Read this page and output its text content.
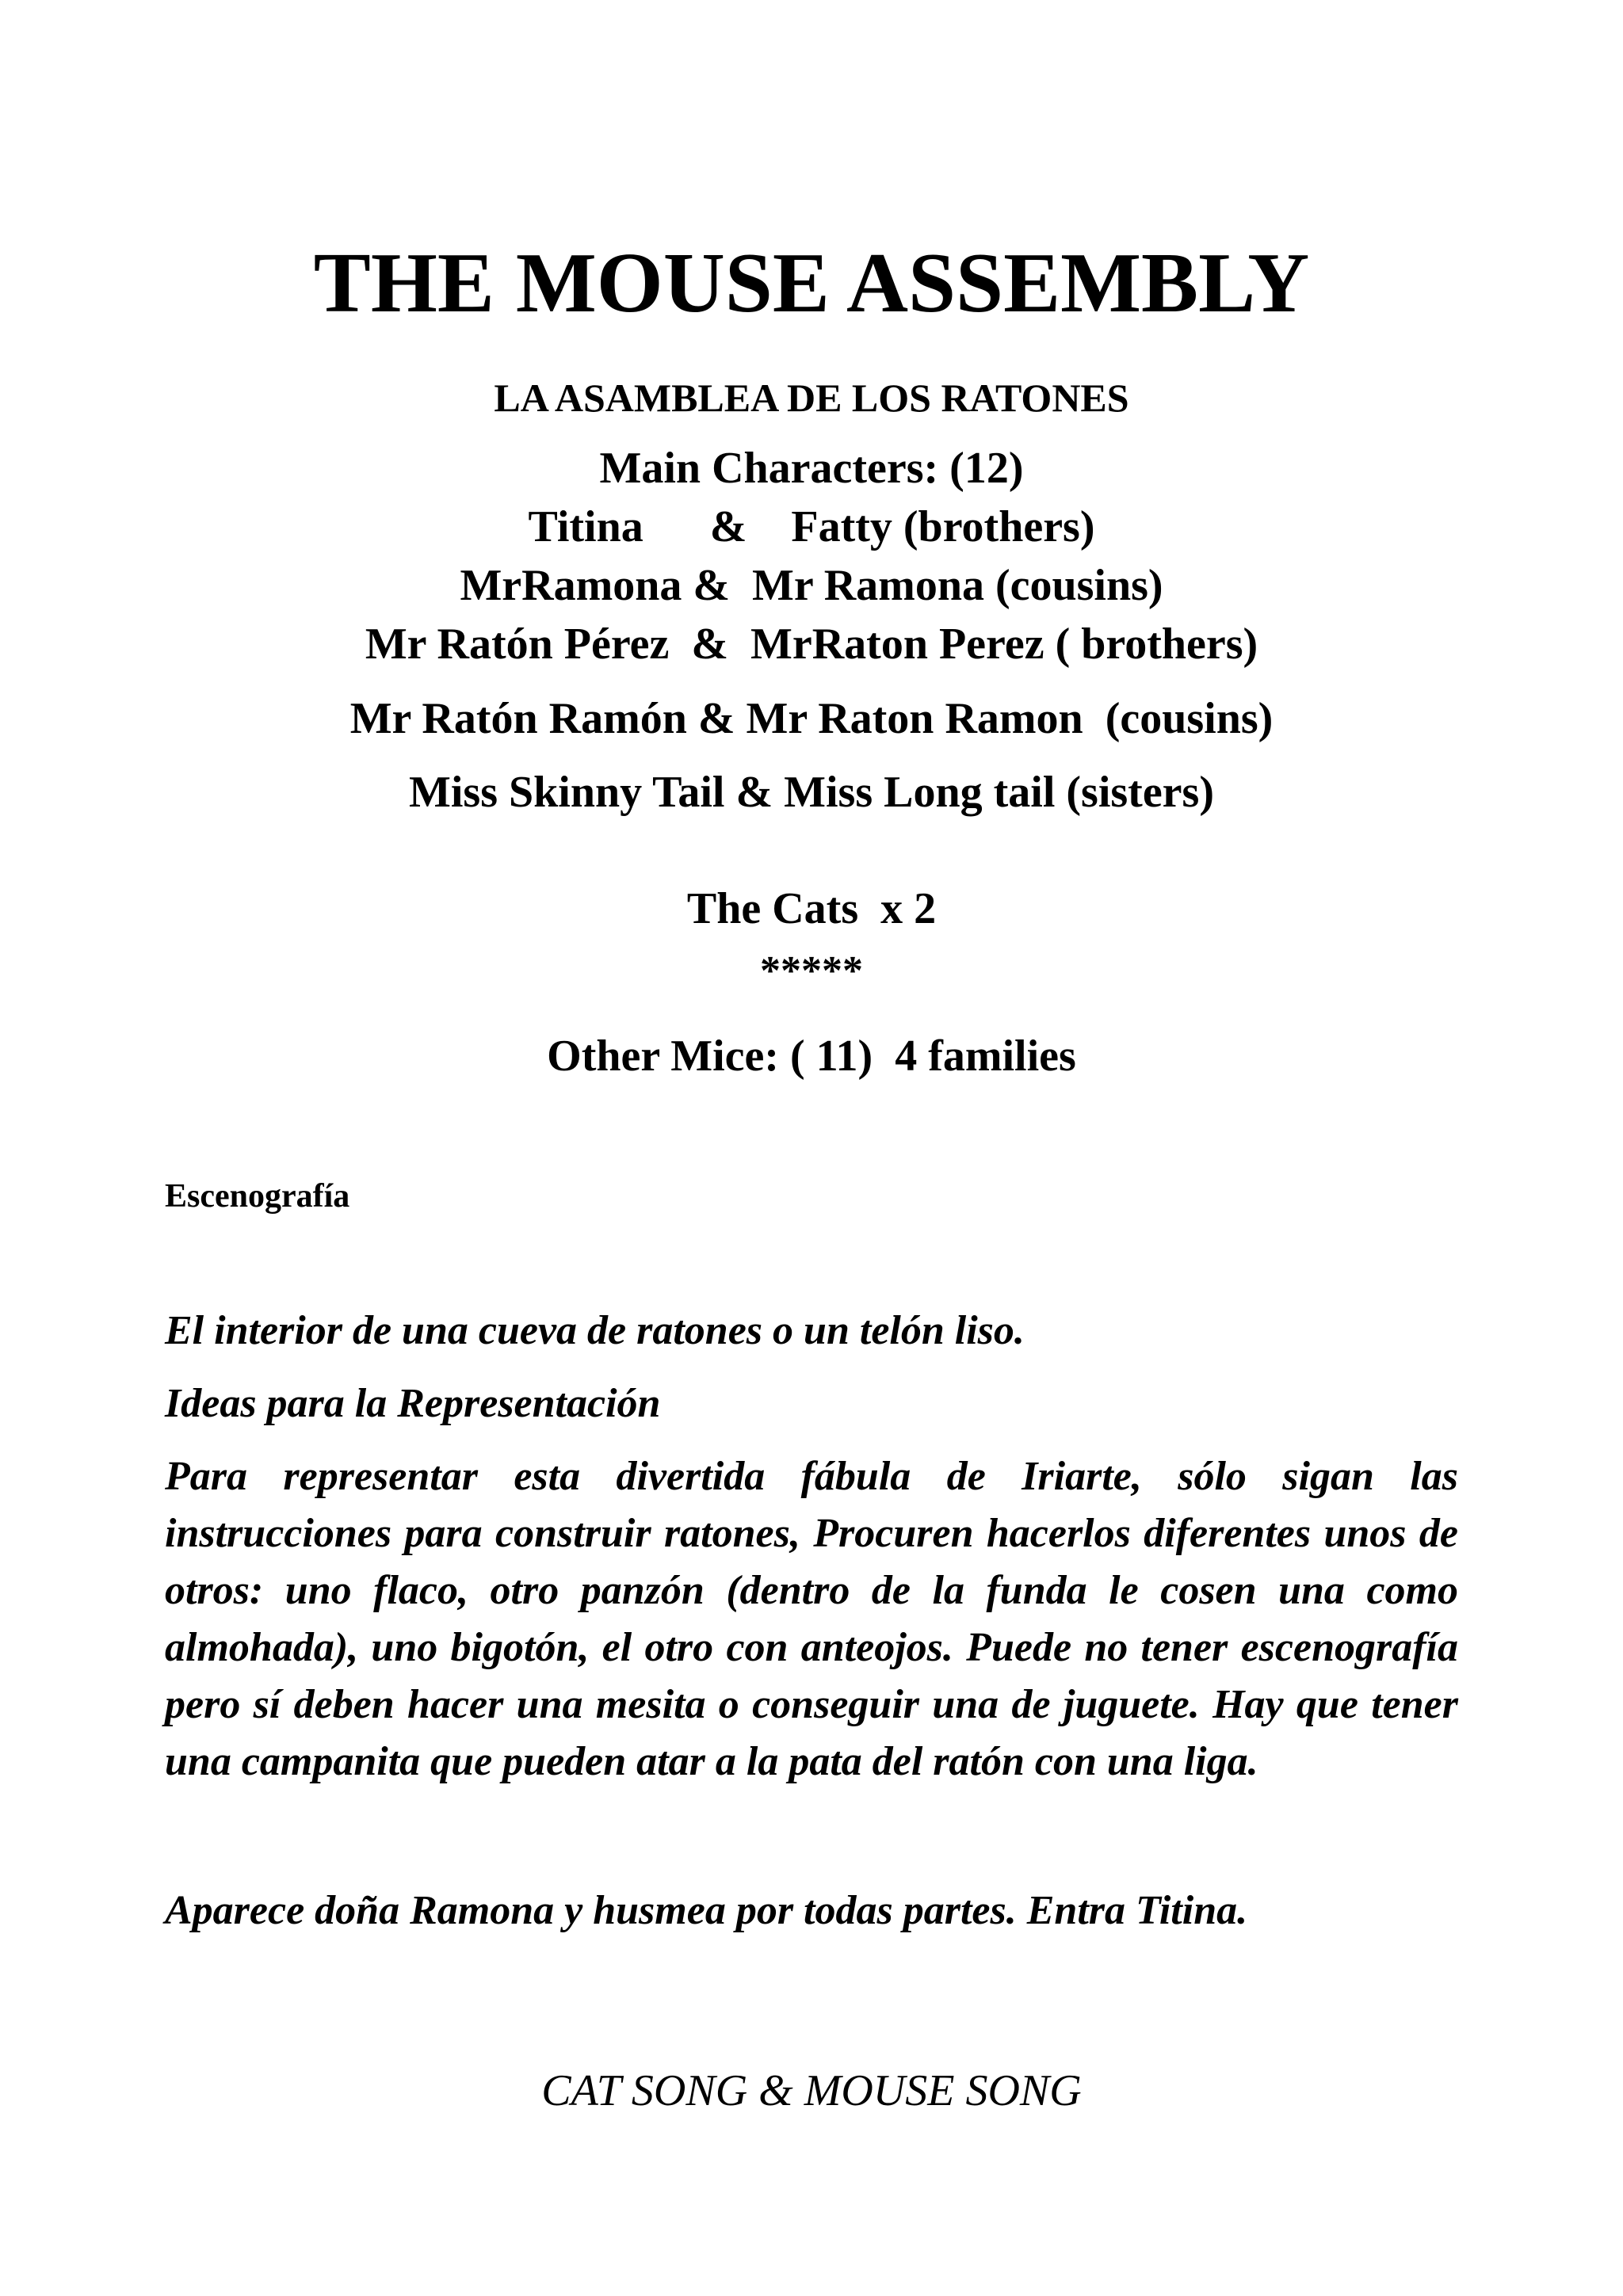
THE MOUSE ASSEMBLY
LA ASAMBLEA DE LOS RATONES

Main Characters: (12)

Titina      &    Fatty (brothers)

MrRamona &  Mr Ramona (cousins)

Mr Ratón Pérez  &  MrRaton Perez ( brothers)

Mr Ratón Ramón & Mr Raton Ramon  (cousins)

Miss Skinny Tail & Miss Long tail (sisters)

The Cats  x 2

*****

Other Mice: ( 11)  4 families

Escenografía

El interior de una cueva de ratones o un telón liso.

Ideas para la Representación

Para representar esta divertida fábula de Iriarte, sólo sigan las instrucciones para construir ratones, Procuren hacerlos diferentes unos de otros: uno flaco, otro panzón (dentro de la funda le cosen una como almohada), uno bigotón, el otro con anteojos. Puede no tener escenografía pero sí deben hacer una mesita o conseguir una de juguete. Hay que tener una campanita que pueden atar a la pata del ratón con una liga.

Aparece doña Ramona y husmea por todas partes. Entra Titina.

CAT SONG & MOUSE SONG
